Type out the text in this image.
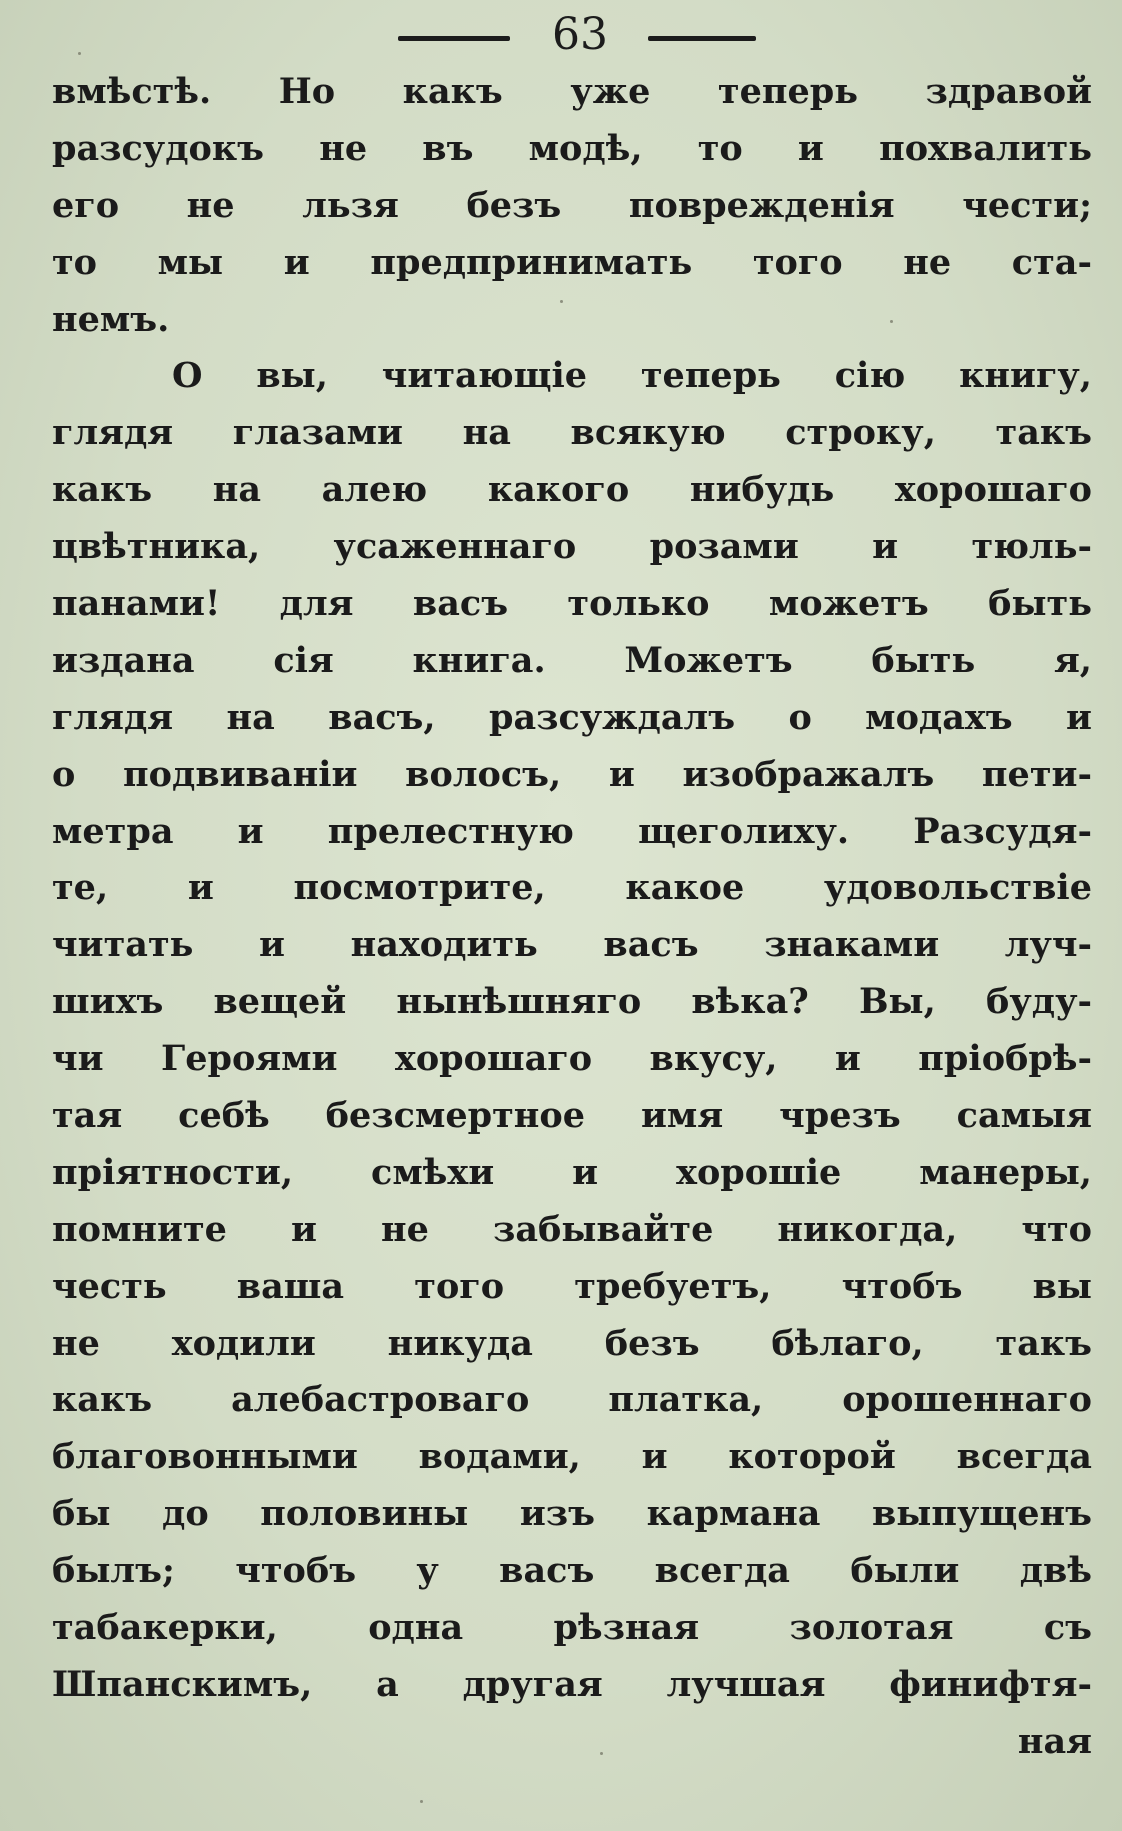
63
вмѣстѣ. Но какъ уже теперь здравой
разсудокъ не въ модѣ, то и похвалить
его не льзя безъ поврежденія чести;
то мы и предпринимать того не ста-
немъ.
О вы, читающіе теперь сію книгу,
глядя глазами на всякую строку, такъ
какъ на алею какого нибудь хорошаго
цвѣтника, усаженнаго розами и тюль-
панами! для васъ только можетъ быть
издана сія книга. Можетъ быть я,
глядя на васъ, разсуждалъ о модахъ и
о подвиваніи волосъ, и изображалъ пети-
метра и прелестную щеголиху. Разсудя-
те, и посмотрите, какое удовольствіе
читать и находить васъ знаками луч-
шихъ вещей нынѣшняго вѣка? Вы, буду-
чи Героями хорошаго вкусу, и пріобрѣ-
тая себѣ безсмертное имя чрезъ самыя
пріятности, смѣхи и хорошіе манеры,
помните и не забывайте никогда, что
честь ваша того требуетъ, чтобъ вы
не ходили никуда безъ бѣлаго, такъ
какъ алебастроваго платка, орошеннаго
благовонными водами, и которой всегда
бы до половины изъ кармана выпущенъ
былъ; чтобъ у васъ всегда были двѣ
табакерки, одна рѣзная золотая съ
Шпанскимъ, а другая лучшая финифтя-
ная
